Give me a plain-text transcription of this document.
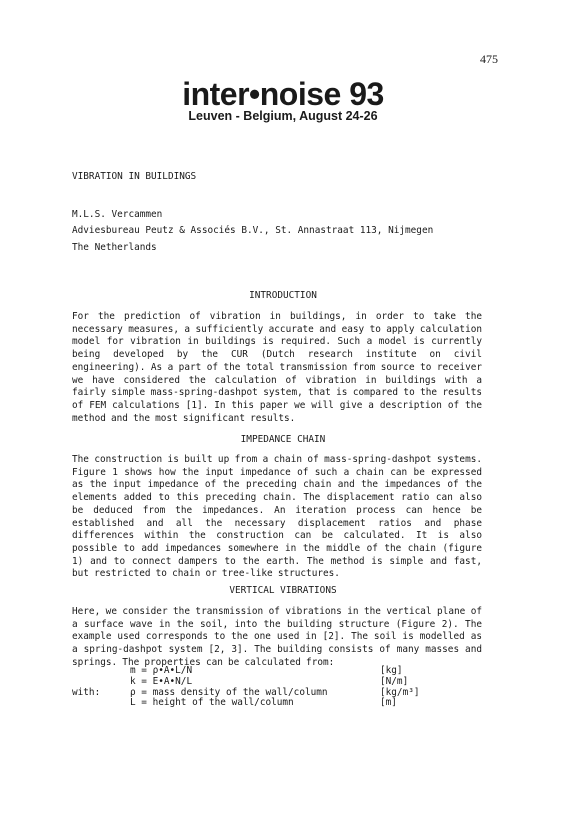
475
inter•noise 93
Leuven - Belgium, August 24-26
VIBRATION IN BUILDINGS
M.L.S. Vercammen
Adviesbureau Peutz & Associés B.V., St. Annastraat 113, Nijmegen
The Netherlands
INTRODUCTION
For the prediction of vibration in buildings, in order to take the necessary measures, a sufficiently accurate and easy to apply calculation model for vibration in buildings is required. Such a model is currently being developed by the CUR (Dutch research institute on civil engineering). As a part of the total transmission from source to receiver we have considered the calculation of vibration in buildings with a fairly simple mass-spring-dashpot system, that is compared to the results of FEM calculations [1]. In this paper we will give a description of the method and the most significant results.
IMPEDANCE CHAIN
The construction is built up from a chain of mass-spring-dashpot systems. Figure 1 shows how the input impedance of such a chain can be expressed as the input impedance of the preceding chain and the impedances of the elements added to this preceding chain. The displacement ratio can also be deduced from the impedances. An iteration process can hence be established and all the necessary displacement ratios and phase differences within the construction can be calculated. It is also possible to add impedances somewhere in the middle of the chain (figure 1) and to connect dampers to the earth. The method is simple and fast, but restricted to chain or tree-like structures.
VERTICAL VIBRATIONS
Here, we consider the transmission of vibrations in the vertical plane of a surface wave in the soil, into the building structure (Figure 2). The example used corresponds to the one used in [2]. The soil is modelled as a spring-dashpot system [2, 3]. The building consists of many masses and springs. The properties can be calculated from:
m = ρ•A•L/N	[kg]
k = E•A•N/L	[N/m]
with:	ρ = mass density of the wall/column	[kg/m³]
L = height of the wall/column	[m]
